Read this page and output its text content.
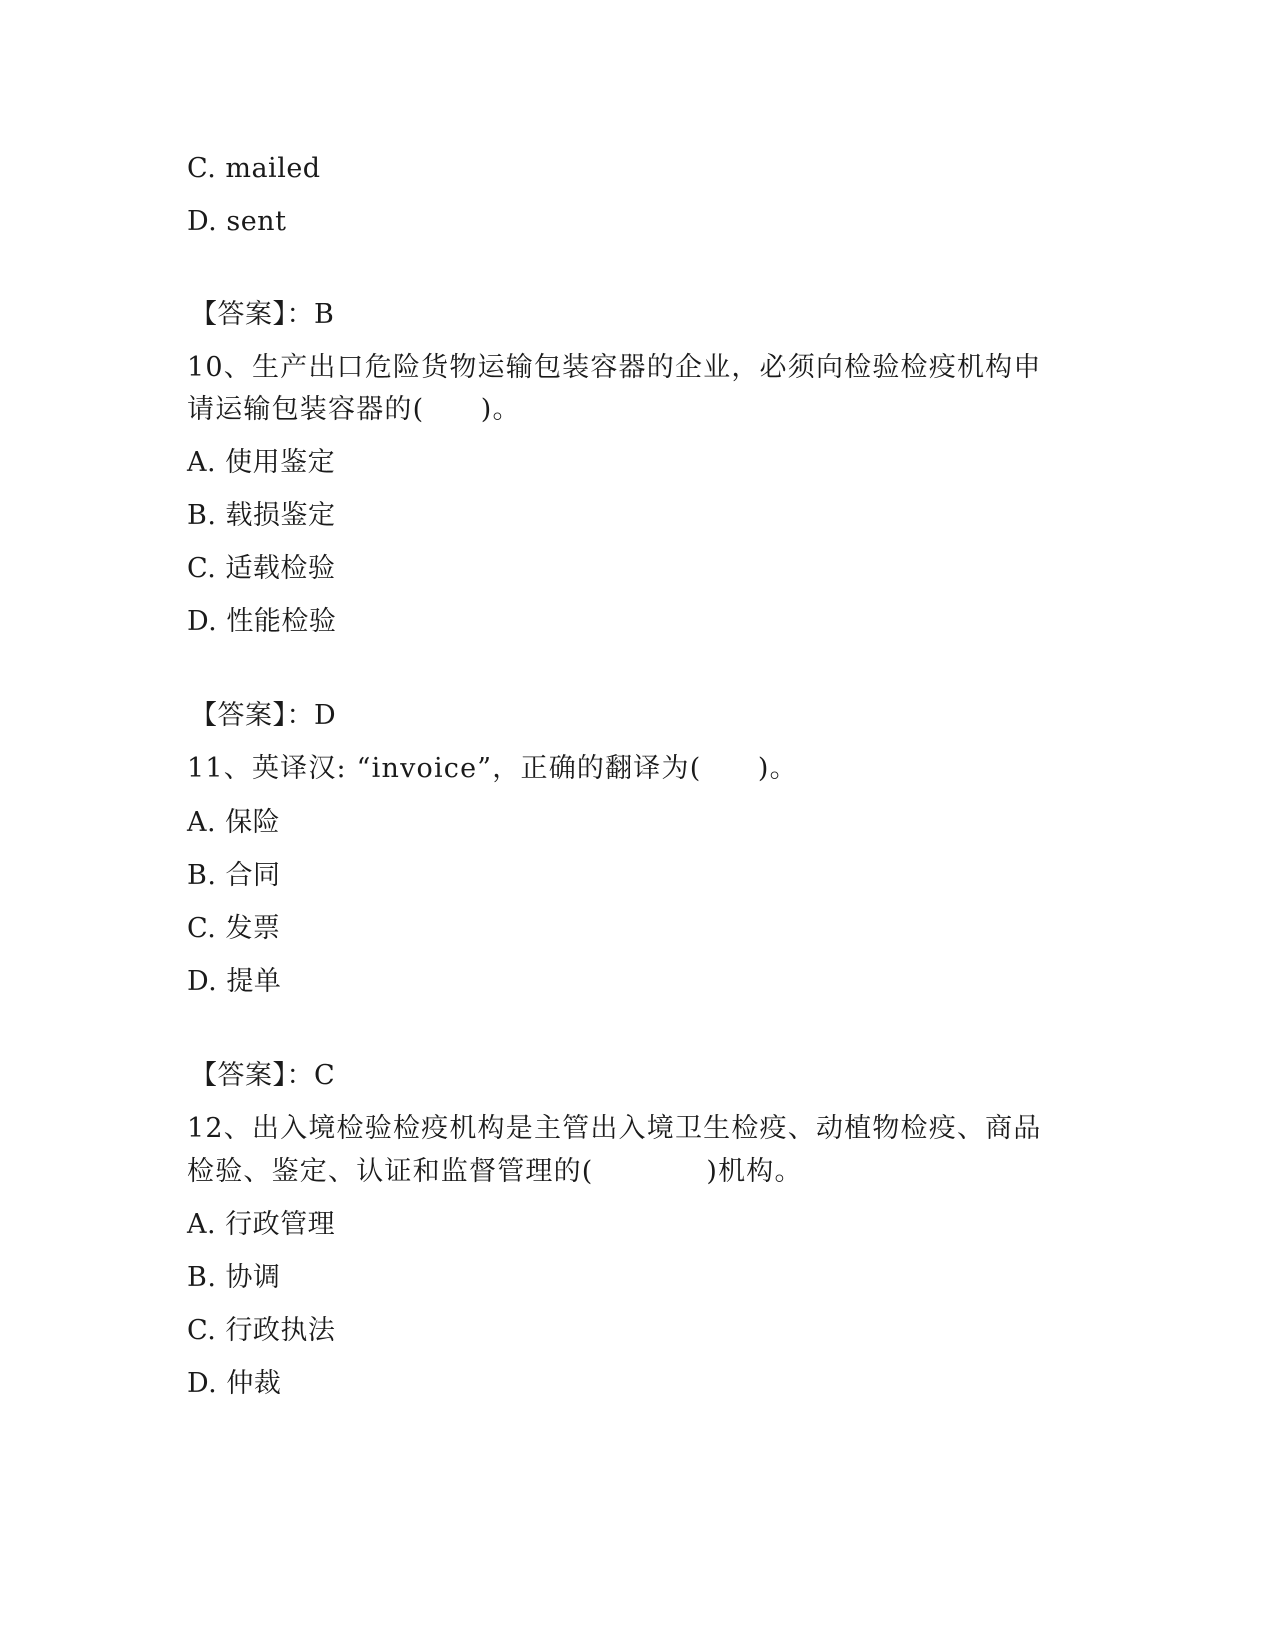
C. mailed
D. sent
【答案】：B
10、生产出口危险货物运输包装容器的企业，必须向检验检疫机构申
请运输包装容器的(　　)。
A. 使用鉴定
B. 载损鉴定
C. 适载检验
D. 性能检验
【答案】：D
11、英译汉: “invoice”，正确的翻译为(　　)。
A. 保险
B. 合同
C. 发票
D. 提单
【答案】：C
12、出入境检验检疫机构是主管出入境卫生检疫、动植物检疫、商品
检验、鉴定、认证和监督管理的(　　　　)机构。
A. 行政管理
B. 协调
C. 行政执法
D. 仲裁
